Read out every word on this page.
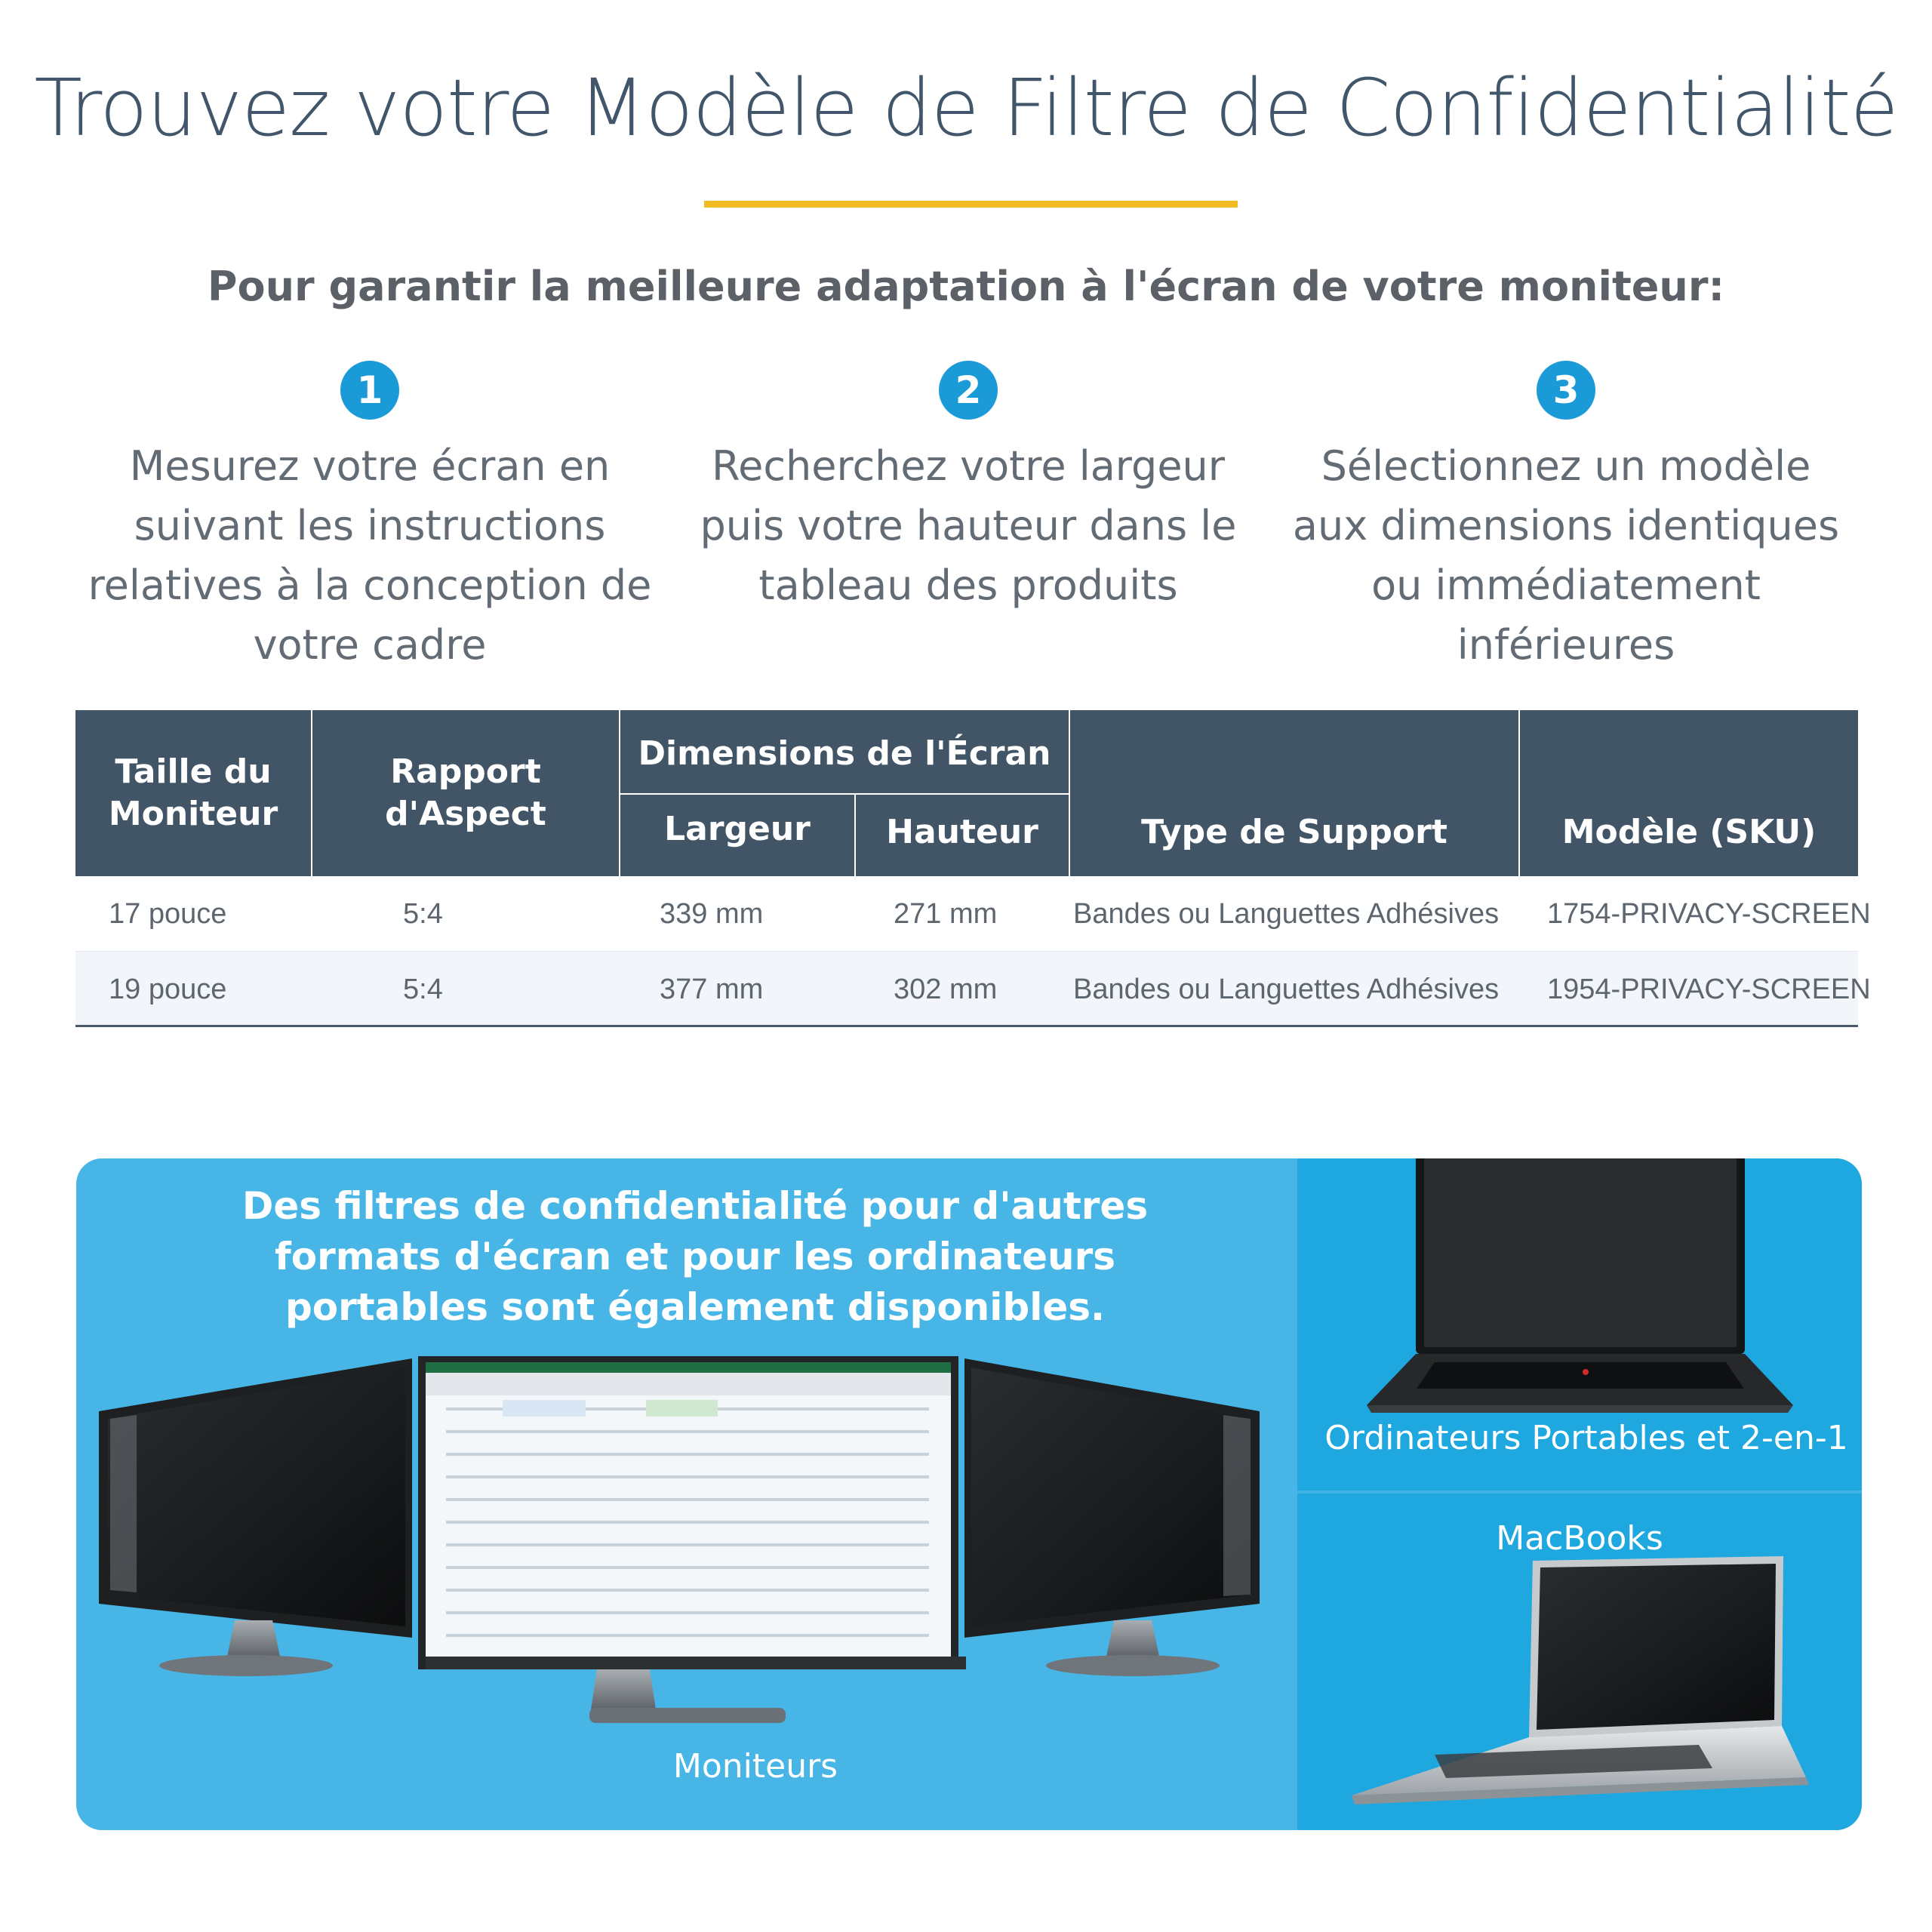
Trouvez votre Modèle de Filtre de Confidentialité
Pour garantir la meilleure adaptation à l'écran de votre moniteur:
1

Mesurez votre écran en suivant les instructions relatives à la conception de votre cadre

2

Recherchez votre largeur puis votre hauteur dans le tableau des produits

3

Sélectionnez un modèle aux dimensions identiques ou immédiatement inférieures

Taille du Moniteur
Rapport d'Aspect
Dimensions de l'Écran
Largeur	Hauteur	Type de Support	Modèle (SKU)
17 pouce	5:4	339 mm	271 mm	Bandes ou Languettes Adhésives 1754-PRIVACY-SCREEN
19 pouce	5:4	377 mm	302 mm	Bandes ou Languettes Adhésives 1954-PRIVACY-SCREEN

Des filtres de confidentialité pour d'autres formats d'écran et pour les ordinateurs portables sont également disponibles.

Moniteurs
Ordinateurs Portables et 2-en-1
MacBooks
